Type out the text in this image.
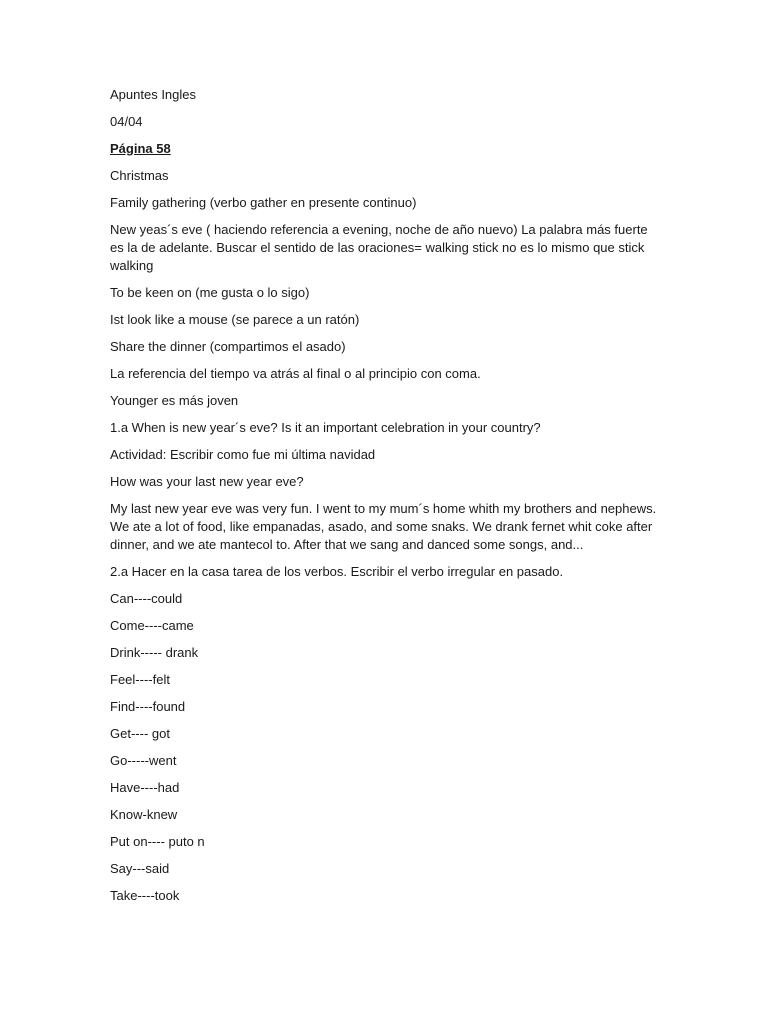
Apuntes Ingles

04/04

Página 58

Christmas

Family gathering (verbo gather en presente continuo)

New yeas´s eve ( haciendo referencia a evening, noche de año nuevo) La palabra más fuerte es la de adelante. Buscar el sentido de las oraciones= walking stick no es lo mismo que stick walking

To be keen on (me gusta o lo sigo)

Ist look like a mouse (se parece a un ratón)

Share the dinner (compartimos el asado)

La referencia del tiempo va atrás al final o al principio con coma.

Younger es más joven

1.a When is new year´s eve? Is it an important celebration in your country?

Actividad: Escribir como fue mi última navidad

How was your last new year eve?

My last new year eve was very fun. I went to my mum´s home whith my brothers and nephews. We ate a lot of food, like empanadas, asado, and some snaks. We drank fernet whit coke after dinner, and we ate mantecol to. After that we sang and danced some songs, and...

2.a Hacer en la casa tarea de los verbos. Escribir el verbo irregular en pasado.

Can----could

Come----came

Drink----- drank

Feel----felt

Find----found

Get---- got

Go-----went

Have----had

Know-knew

Put on---- puto n

Say---said

Take----took
